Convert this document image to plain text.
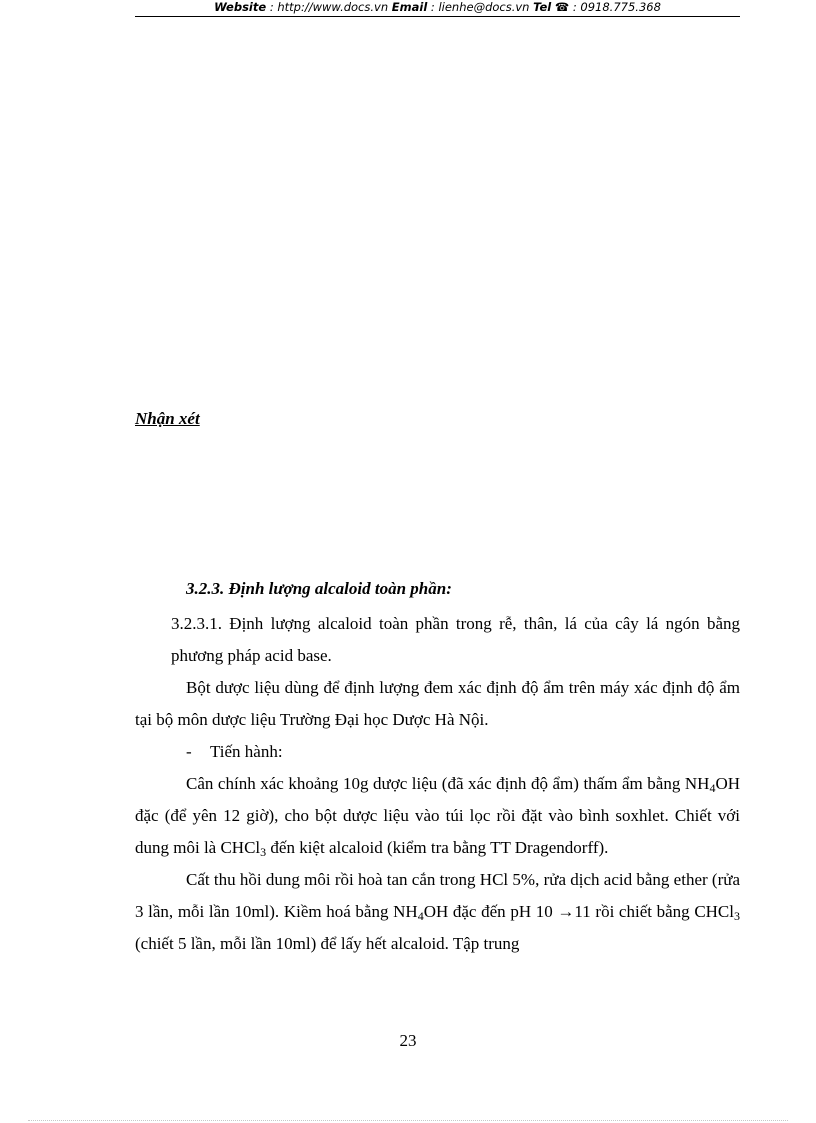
Website : http://www.docs.vn Email : lienhe@docs.vn Tel ☎ : 0918.775.368
Nhận xét
3.2.3. Định lượng alcaloid toàn phần:

3.2.3.1. Định lượng alcaloid toàn phần trong rễ, thân, lá của cây lá ngón bằng phương pháp acid base.

Bột dược liệu dùng để định lượng đem xác định độ ẩm trên máy xác định độ ẩm tại bộ môn dược liệu Trường Đại học Dược Hà Nội.

- Tiến hành:

Cân chính xác khoảng 10g dược liệu (đã xác định độ ẩm) thấm ẩm bằng $NH_4OH$ đặc (để yên 12 giờ), cho bột dược liệu vào túi lọc rồi đặt vào bình soxhlet. Chiết với dung môi là CHCl$_3$ đến kiệt alcaloid (kiểm tra bằng TT Dragendorff).

Cất thu hồi dung môi rồi hoà tan cắn trong HCl 5%, rửa dịch acid bằng ether (rửa 3 lần, mỗi lần 10ml). Kiềm hoá bằng $NH_4OH$ đặc đến pH 10 →11 rồi chiết bằng CHCl$_3$ (chiết 5 lần, mỗi lần 10ml) để lấy hết alcaloid. Tập trung

23
